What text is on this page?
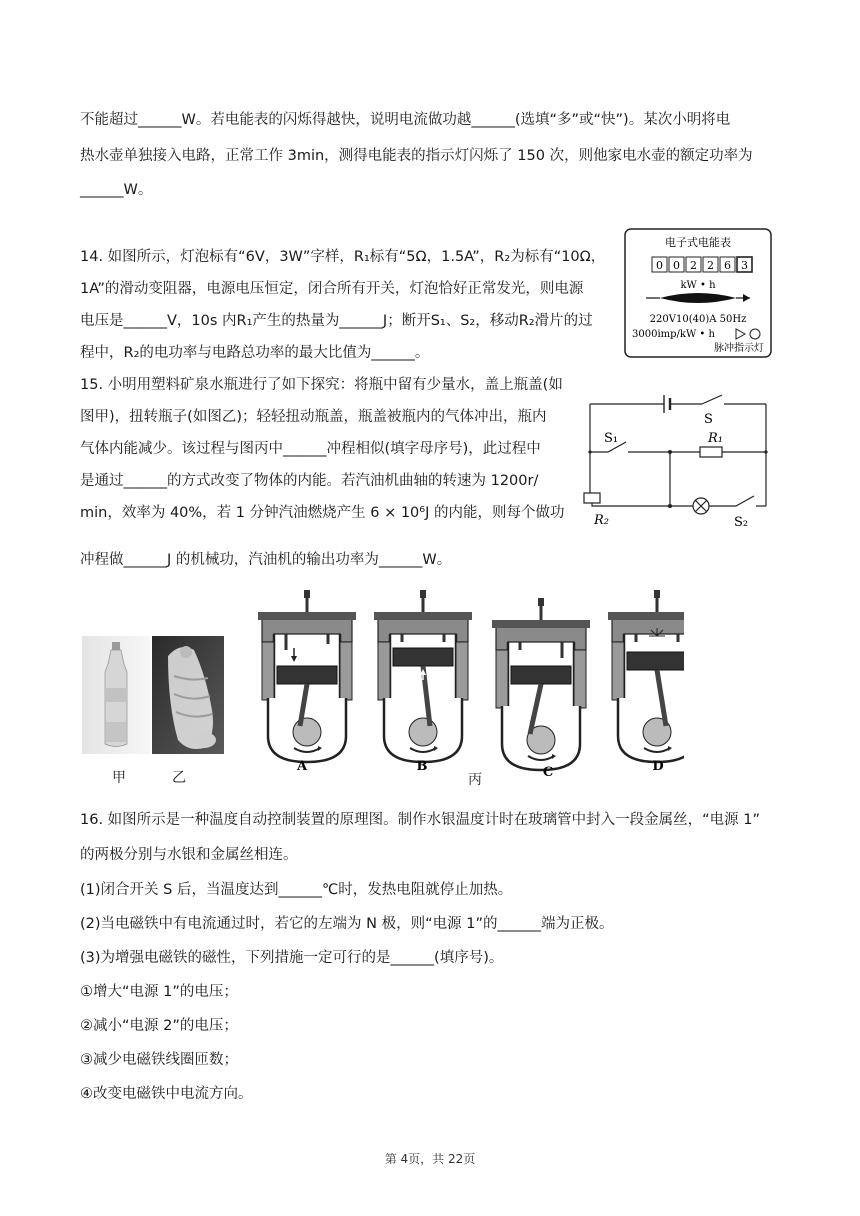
不能超过______W。若电能表的闪烁得越快，说明电流做功越______(选填“多”或“快”)。某次小明将电
热水壶单独接入电路，正常工作 3min，测得电能表的指示灯闪烁了 150 次，则他家电水壶的额定功率为
______W。
14. 如图所示，灯泡标有“6V，3W”字样，R₁标有“5Ω，1.5A”，R₂为标有“10Ω，
1A”的滑动变阻器，电源电压恒定，闭合所有开关，灯泡恰好正常发光，则电源
电压是______V，10s 内R₁产生的热量为______J；断开S₁、S₂，移动R₂滑片的过
程中，R₂的电功率与电路总功率的最大比值为______。
15. 小明用塑料矿泉水瓶进行了如下探究：将瓶中留有少量水，盖上瓶盖(如
图甲)，扭转瓶子(如图乙)；轻轻扭动瓶盖，瓶盖被瓶内的气体冲出，瓶内
气体内能减少。该过程与图丙中______冲程相似(填字母序号)，此过程中
是通过______的方式改变了物体的内能。若汽油机曲轴的转速为 1200r/
min，效率为 40%，若 1 分钟汽油燃烧产生 6 × 10⁶J 的内能，则每个做功
冲程做______J 的机械功，汽油机的输出功率为______W。
16. 如图所示是一种温度自动控制装置的原理图。制作水银温度计时在玻璃管中封入一段金属丝，“电源 1”
的两极分别与水银和金属丝相连。
(1)闭合开关 S 后，当温度达到______℃时，发热电阻就停止加热。
(2)当电磁铁中有电流通过时，若它的左端为 N 极，则“电源 1”的______端为正极。
(3)为增强电磁铁的磁性，下列措施一定可行的是______(填序号)。
①增大“电源 1”的电压；
②减小“电源 2”的电压；
③减少电磁铁线圈匝数；
④改变电磁铁中电流方向。
电子式电能表
0 0 2 2 6 3
kW • h
220V10(40)A 50Hz
3000imp/kW • h
脉冲指示灯
S
S₁	R₁
R₂	S₂
甲	乙
A	B	C	D
丙
第 4页，共 22页
